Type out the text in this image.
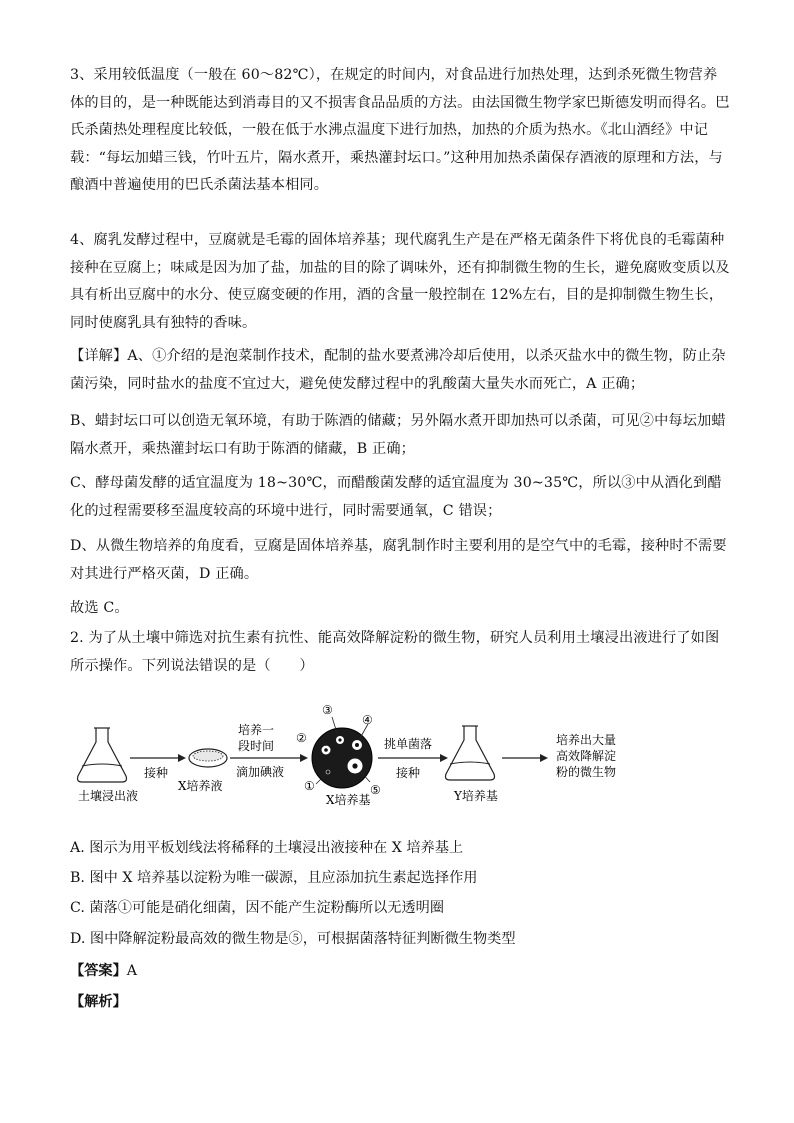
3、采用较低温度（一般在 60～82℃），在规定的时间内，对食品进行加热处理，达到杀死微生物营养体的目的，是一种既能达到消毒目的又不损害食品品质的方法。由法国微生物学家巴斯德发明而得名。巴氏杀菌热处理程度比较低，一般在低于水沸点温度下进行加热，加热的介质为热水。《北山酒经》中记载：“每坛加蜡三钱，竹叶五片，隔水煮开，乘热灌封坛口。”这种用加热杀菌保存酒液的原理和方法，与酿酒中普遍使用的巴氏杀菌法基本相同。

4、腐乳发酵过程中，豆腐就是毛霉的固体培养基；现代腐乳生产是在严格无菌条件下将优良的毛霉菌种接种在豆腐上；味咸是因为加了盐，加盐的目的除了调味外，还有抑制微生物的生长，避免腐败变质以及具有析出豆腐中的水分、使豆腐变硬的作用，酒的含量一般控制在 12%左右，目的是抑制微生物生长，同时使腐乳具有独特的香味。

【详解】A、①介绍的是泡菜制作技术，配制的盐水要煮沸冷却后使用，以杀灭盐水中的微生物，防止杂菌污染，同时盐水的盐度不宜过大，避免使发酵过程中的乳酸菌大量失水而死亡，A 正确；

B、蜡封坛口可以创造无氧环境，有助于陈酒的储藏；另外隔水煮开即加热可以杀菌，可见②中每坛加蜡隔水煮开，乘热灌封坛口有助于陈酒的储藏，B 正确；

C、酵母菌发酵的适宜温度为 18~30℃，而醋酸菌发酵的适宜温度为 30~35℃，所以③中从酒化到醋化的过程需要移至温度较高的环境中进行，同时需要通氧，C 错误；

D、从微生物培养的角度看，豆腐是固体培养基，腐乳制作时主要利用的是空气中的毛霉，接种时不需要对其进行严格灭菌，D 正确。

故选 C。

2. 为了从土壤中筛选对抗生素有抗性、能高效降解淀粉的微生物，研究人员利用土壤浸出液进行了如图所示操作。下列说法错误的是（　　）

土壤浸出液
接种
X培养液
培养一
段时间
滴加碘液
①
②
③
④
⑤
X培养基
挑单菌落
接种
Y培养基
培养出大量
高效降解淀
粉的微生物

A. 图示为用平板划线法将稀释的土壤浸出液接种在 X 培养基上

B. 图中 X 培养基以淀粉为唯一碳源，且应添加抗生素起选择作用

C. 菌落①可能是硝化细菌，因不能产生淀粉酶所以无透明圈

D. 图中降解淀粉最高效的微生物是⑤，可根据菌落特征判断微生物类型

【答案】A

【解析】
